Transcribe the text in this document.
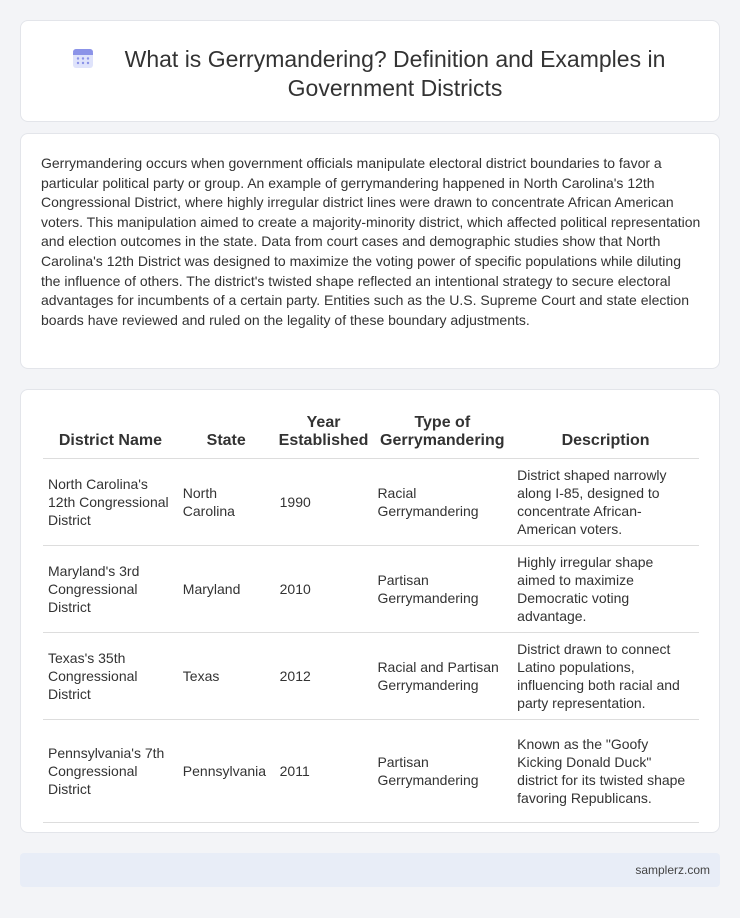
What is Gerrymandering? Definition and Examples in Government Districts

Gerrymandering occurs when government officials manipulate electoral district boundaries to favor a particular political party or group. An example of gerrymandering happened in North Carolina's 12th Congressional District, where highly irregular district lines were drawn to concentrate African American voters. This manipulation aimed to create a majority-minority district, which affected political representation and election outcomes in the state. Data from court cases and demographic studies show that North Carolina's 12th District was designed to maximize the voting power of specific populations while diluting the influence of others. The district's twisted shape reflected an intentional strategy to secure electoral advantages for incumbents of a certain party. Entities such as the U.S. Supreme Court and state election boards have reviewed and ruled on the legality of these boundary adjustments.

District Name	State	Year Established	Type of Gerrymandering	Description
North Carolina's 12th Congressional District	North Carolina	1990	Racial Gerrymandering	District shaped narrowly along I-85, designed to concentrate African-American voters.
Maryland's 3rd Congressional District	Maryland	2010	Partisan Gerrymandering	Highly irregular shape aimed to maximize Democratic voting advantage.
Texas's 35th Congressional District	Texas	2012	Racial and Partisan Gerrymandering	District drawn to connect Latino populations, influencing both racial and party representation.
Pennsylvania's 7th Congressional District	Pennsylvania	2011	Partisan Gerrymandering	Known as the "Goofy Kicking Donald Duck" district for its twisted shape favoring Republicans.
samplerz.com
